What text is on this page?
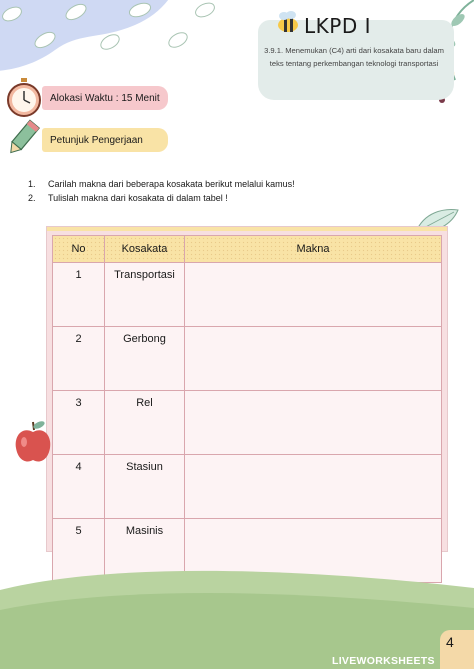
LKPD I
3.9.1. Menemukan (C4) arti dari kosakata baru dalam teks tentang perkembangan teknologi transportasi
Alokasi Waktu : 15 Menit
Petunjuk Pengerjaan
1. Carilah makna dari beberapa kosakata berikut melalui kamus!
2. Tulislah makna dari kosakata di dalam tabel !
No	Kosakata	Makna
1	Transportasi	
2	Gerbong	
3	Rel	
4	Stasiun	
5	Masinis	
4
LIVEWORKSHEETS
